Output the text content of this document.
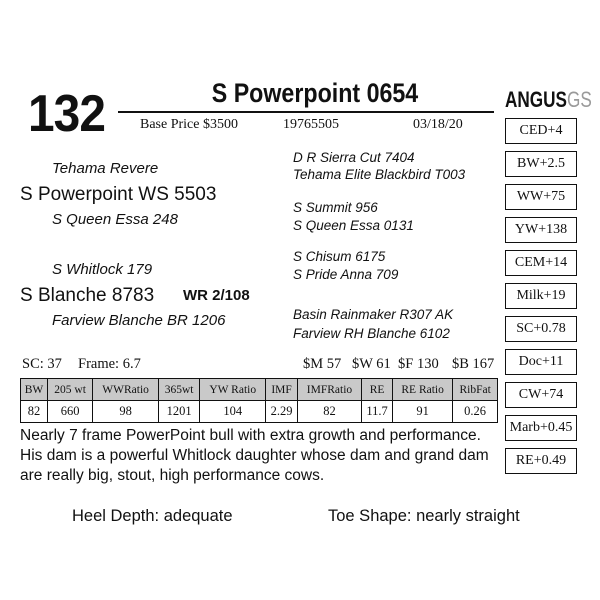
132	S Powerpoint 0654
Base Price $3500	19765505	03/18/20
ANGUSGS
Tehama Revere
S Powerpoint WS 5503
S Queen Essa 248
S Whitlock 179
S Blanche 8783 WR 2/108
Farview Blanche BR 1206
D R Sierra Cut 7404
Tehama Elite Blackbird T003
S Summit 956
S Queen Essa 0131
S Chisum 6175
S Pride Anna 709
Basin Rainmaker R307 AK
Farview RH Blanche 6102
CED+4
BW+2.5
WW+75
YW+138
CEM+14
Milk+19
SC+0.78
Doc+11
CW+74
Marb+0.45
RE+0.49
SC: 37 Frame: 6.7	$M 57 $W 61 $F 130 $B 167
BW	205 wt	WWRatio	365wt	YW Ratio	IMF	IMFRatio	RE	RE Ratio	RibFat
82	660	98	1201	104	2.29	82	11.7	91	0.26
Nearly 7 frame PowerPoint bull with extra growth and performance. His dam is a powerful Whitlock daughter whose dam and grand dam are really big, stout, high performance cows.
Heel Depth: adequate	Toe Shape: nearly straight
